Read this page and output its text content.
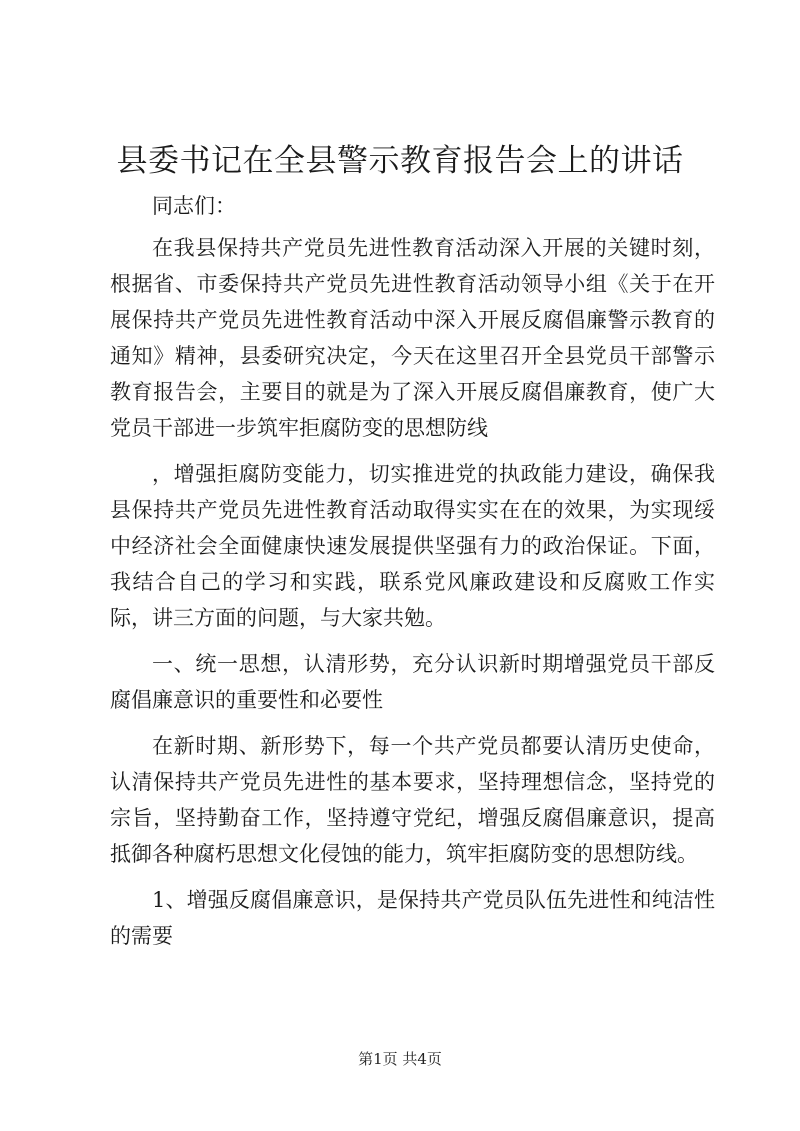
县委书记在全县警示教育报告会上的讲话

同志们：

在我县保持共产党员先进性教育活动深入开展的关键时刻，根据省、市委保持共产党员先进性教育活动领导小组《关于在开展保持共产党员先进性教育活动中深入开展反腐倡廉警示教育的通知》精神，县委研究决定，今天在这里召开全县党员干部警示教育报告会，主要目的就是为了深入开展反腐倡廉教育，使广大党员干部进一步筑牢拒腐防变的思想防线

，增强拒腐防变能力，切实推进党的执政能力建设，确保我县保持共产党员先进性教育活动取得实实在在的效果，为实现绥中经济社会全面健康快速发展提供坚强有力的政治保证。下面，我结合自己的学习和实践，联系党风廉政建设和反腐败工作实际，讲三方面的问题，与大家共勉。

一、统一思想，认清形势，充分认识新时期增强党员干部反腐倡廉意识的重要性和必要性

在新时期、新形势下，每一个共产党员都要认清历史使命，认清保持共产党员先进性的基本要求，坚持理想信念，坚持党的宗旨，坚持勤奋工作，坚持遵守党纪，增强反腐倡廉意识，提高抵御各种腐朽思想文化侵蚀的能力，筑牢拒腐防变的思想防线。

1、增强反腐倡廉意识，是保持共产党员队伍先进性和纯洁性的需要

第1页 共4页
